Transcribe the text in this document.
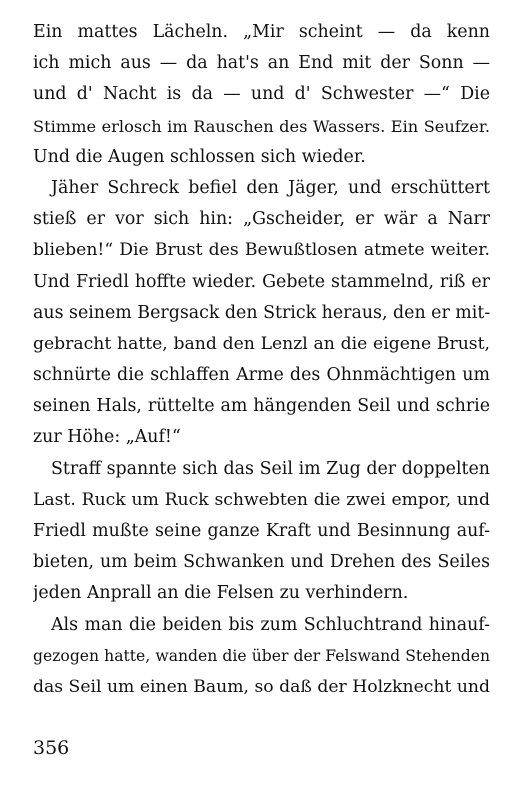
Ein mattes Lächeln. „Mir scheint — da kenn
ich mich aus — da hat's an End mit der Sonn —
und d' Nacht is da — und d' Schwester —“ Die
Stimme erlosch im Rauschen des Wassers. Ein Seufzer.
Und die Augen schlossen sich wieder.
Jäher Schreck befiel den Jäger, und erschüttert
stieß er vor sich hin: „Gscheider, er wär a Narr
blieben!“ Die Brust des Bewußtlosen atmete weiter.
Und Friedl hoffte wieder. Gebete stammelnd, riß er
aus seinem Bergsack den Strick heraus, den er mit-
gebracht hatte, band den Lenzl an die eigene Brust,
schnürte die schlaffen Arme des Ohnmächtigen um
seinen Hals, rüttelte am hängenden Seil und schrie
zur Höhe: „Auf!“
Straff spannte sich das Seil im Zug der doppelten
Last. Ruck um Ruck schwebten die zwei empor, und
Friedl mußte seine ganze Kraft und Besinnung auf-
bieten, um beim Schwanken und Drehen des Seiles
jeden Anprall an die Felsen zu verhindern.
Als man die beiden bis zum Schluchtrand hinauf-
gezogen hatte, wanden die über der Felswand Stehenden
das Seil um einen Baum, so daß der Holzknecht und
356
